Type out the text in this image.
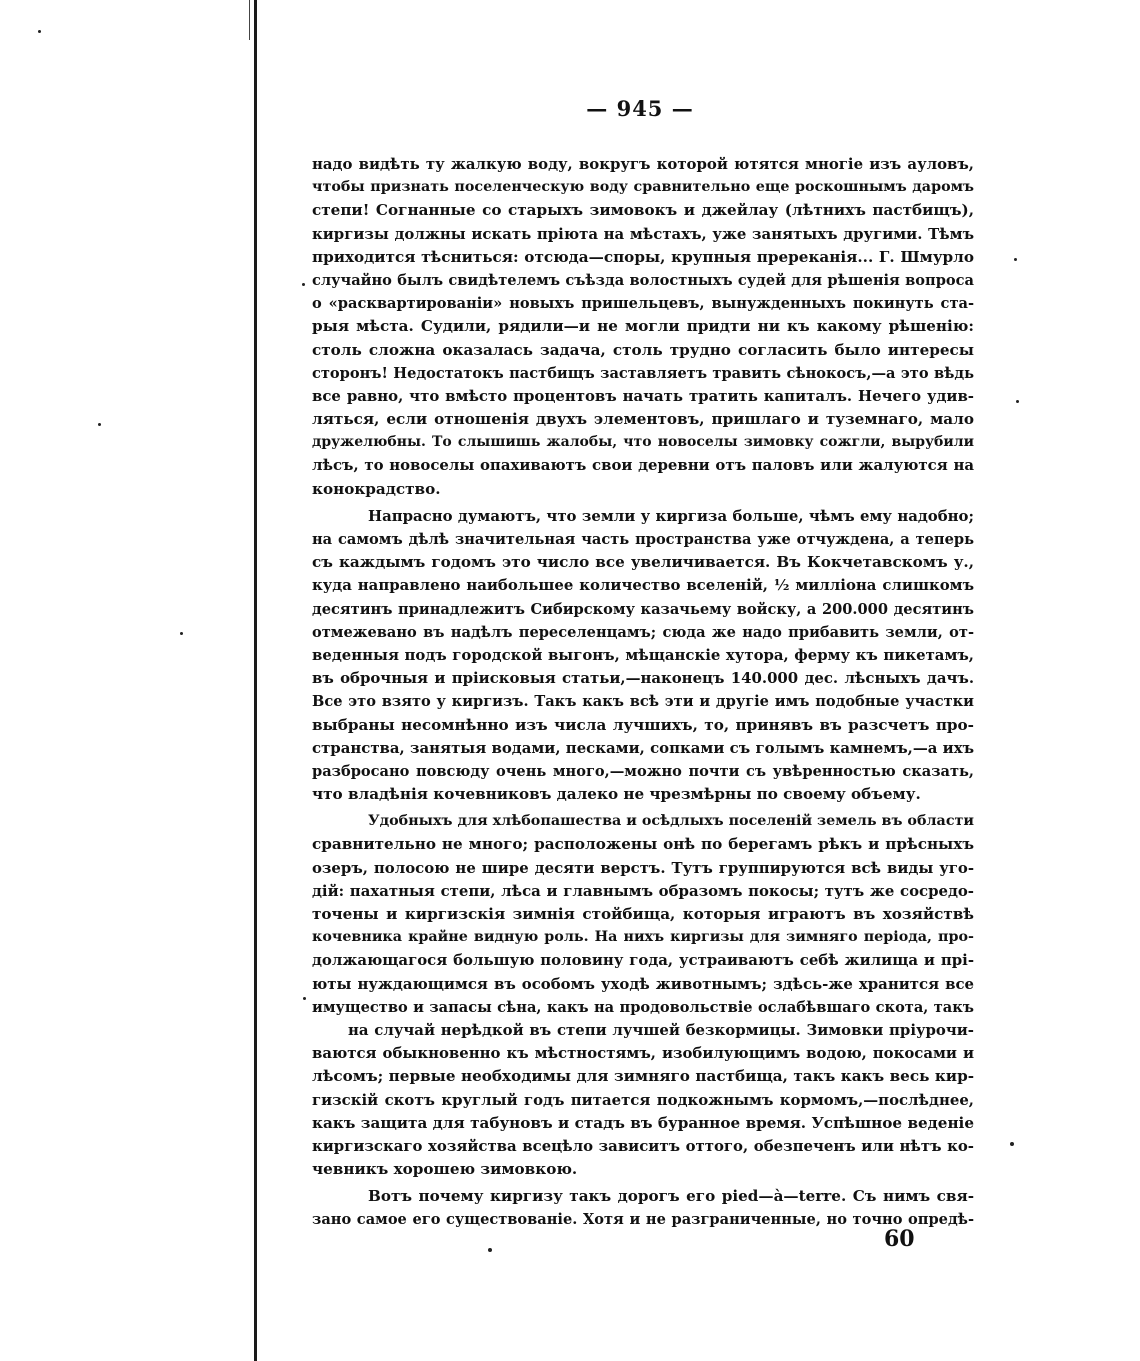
— 945 —
надо видѣть ту жалкую воду, вокругъ которой ютятся многіе изъ ауловъ,
чтобы признать поселенческую воду сравнительно еще роскошнымъ даромъ
степи! Согнанные со старыхъ зимовокъ и джейлау (лѣтнихъ пастбищъ),
киргизы должны искать пріюта на мѣстахъ, уже занятыхъ другими. Тѣмъ
приходится тѣсниться: отсюда—споры, крупныя пререканія... Г. Шмурло
случайно былъ свидѣтелемъ съѣзда волостныхъ судей для рѣшенія вопроса
о «расквартированіи» новыхъ пришельцевъ, вынужденныхъ покинуть ста-
рыя мѣста. Судили, рядили—и не могли придти ни къ какому рѣшенію:
столь сложна оказалась задача, столь трудно согласить было интересы
сторонъ! Недостатокъ пастбищъ заставляетъ травить сѣнокосъ,—а это вѣдь
все равно, что вмѣсто процентовъ начать тратить капиталъ. Нечего удив-
ляться, если отношенія двухъ элементовъ, пришлаго и туземнаго, мало
дружелюбны. То слышишь жалобы, что новоселы зимовку сожгли, вырубили
лѣсъ, то новоселы опахиваютъ свои деревни отъ паловъ или жалуются на
конокрадство.
Напрасно думаютъ, что земли у киргиза больше, чѣмъ ему надобно;
на самомъ дѣлѣ значительная часть пространства уже отчуждена, а теперь
съ каждымъ годомъ это число все увеличивается. Въ Кокчетавскомъ у.,
куда направлено наибольшее количество вселеній, ½ милліона слишкомъ
десятинъ принадлежитъ Сибирскому казачьему войску, а 200.000 десятинъ
отмежевано въ надѣлъ переселенцамъ; сюда же надо прибавить земли, от-
веденныя подъ городской выгонъ, мѣщанскіе хутора, ферму къ пикетамъ,
въ оброчныя и пріисковыя статьи,—наконецъ 140.000 дес. лѣсныхъ дачъ.
Все это взято у киргизъ. Такъ какъ всѣ эти и другіе имъ подобные участки
выбраны несомнѣнно изъ числа лучшихъ, то, принявъ въ разсчетъ про-
странства, занятыя водами, песками, сопками съ голымъ камнемъ,—а ихъ
разбросано повсюду очень много,—можно почти съ увѣренностью сказать,
что владѣнія кочевниковъ далеко не чрезмѣрны по своему объему.
Удобныхъ для хлѣбопашества и осѣдлыхъ поселеній земель въ области
сравнительно не много; расположены онѣ по берегамъ рѣкъ и прѣсныхъ
озеръ, полосою не шире десяти верстъ. Тутъ группируются всѣ виды уго-
дій: пахатныя степи, лѣса и главнымъ образомъ покосы; тутъ же сосредо-
точены и киргизскія зимнія стойбища, которыя играютъ въ хозяйствѣ
кочевника крайне видную роль. На нихъ киргизы для зимняго періода, про-
должающагося большую половину года, устраиваютъ себѣ жилища и прі-
юты нуждающимся въ особомъ уходѣ животнымъ; здѣсь-же хранится все
имущество и запасы сѣна, какъ на продовольствіе ослабѣвшаго скота, такъ
на случай нерѣдкой въ степи лучшей безкормицы. Зимовки пріурочи-
ваются обыкновенно къ мѣстностямъ, изобилующимъ водою, покосами и
лѣсомъ; первые необходимы для зимняго пастбища, такъ какъ весь кир-
гизскій скотъ круглый годъ питается подкожнымъ кормомъ,—послѣднее,
какъ защита для табуновъ и стадъ въ буранное время. Успѣшное веденіе
киргизскаго хозяйства всецѣло зависитъ оттого, обезпеченъ или нѣтъ ко-
чевникъ хорошею зимовкою.
Вотъ почему киргизу такъ дорогъ его pied—à—terre. Съ нимъ свя-
зано самое его существованіе. Хотя и не разграниченные, но точно опредѣ-
60
